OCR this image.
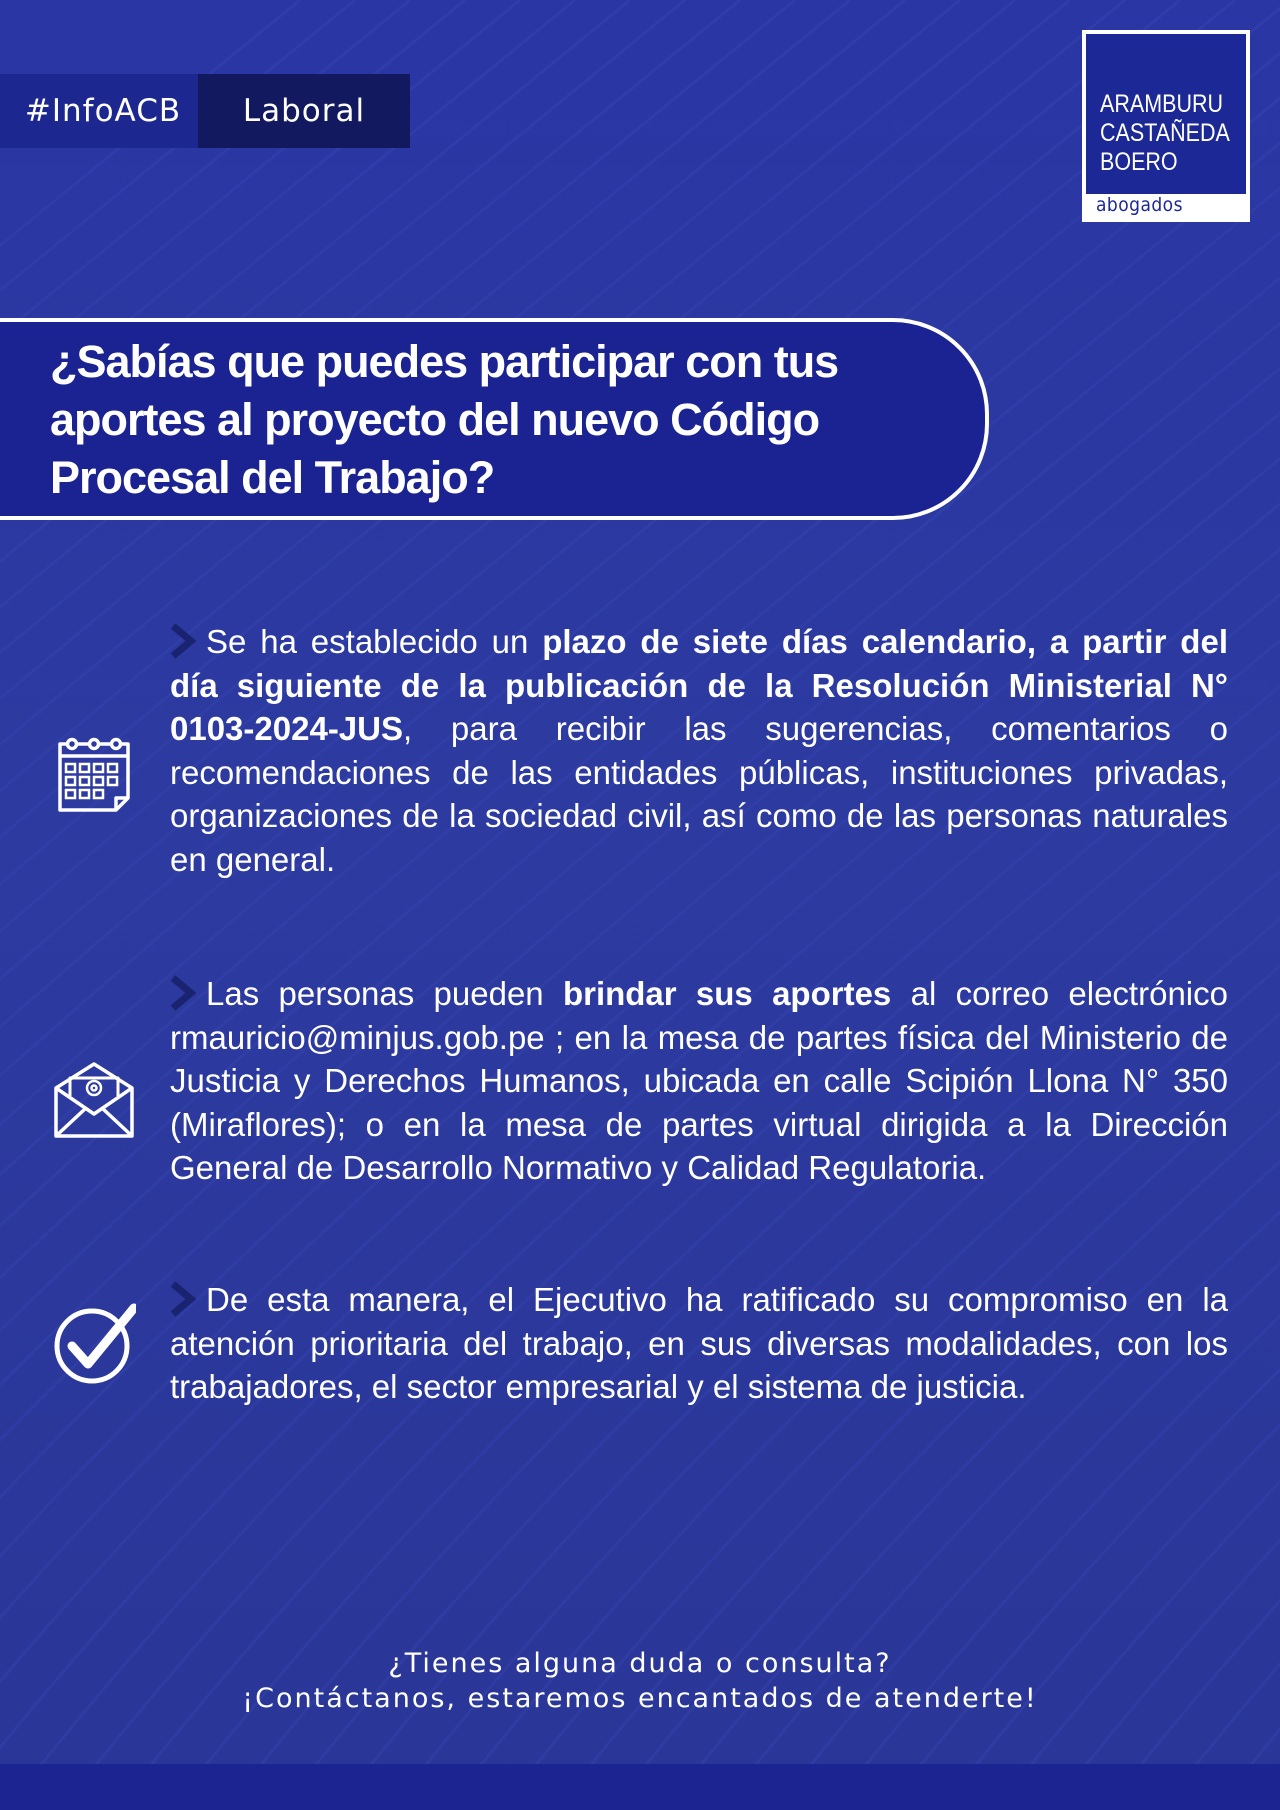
#InfoACB	Laboral	ARAMBURU
CASTAÑEDA
BOERO
abogados
¿Sabías que puedes participar con tus aportes al proyecto del nuevo Código Procesal del Trabajo?
Se ha establecido un plazo de siete días calendario, a partir del día siguiente de la publicación de la Resolución Ministerial N° 0103-2024-JUS, para recibir las sugerencias, comentarios o recomendaciones de las entidades públicas, instituciones privadas, organizaciones de la sociedad civil, así como de las personas naturales en general.
Las personas pueden brindar sus aportes al correo electrónico rmauricio@minjus.gob.pe ; en la mesa de partes física del Ministerio de Justicia y Derechos Humanos, ubicada en calle Scipión Llona N° 350 (Miraflores); o en la mesa de partes virtual dirigida a la Dirección General de Desarrollo Normativo y Calidad Regulatoria.
De esta manera, el Ejecutivo ha ratificado su compromiso en la atención prioritaria del trabajo, en sus diversas modalidades, con los trabajadores, el sector empresarial y el sistema de justicia.
¿Tienes alguna duda o consulta?
¡Contáctanos, estaremos encantados de atenderte!
